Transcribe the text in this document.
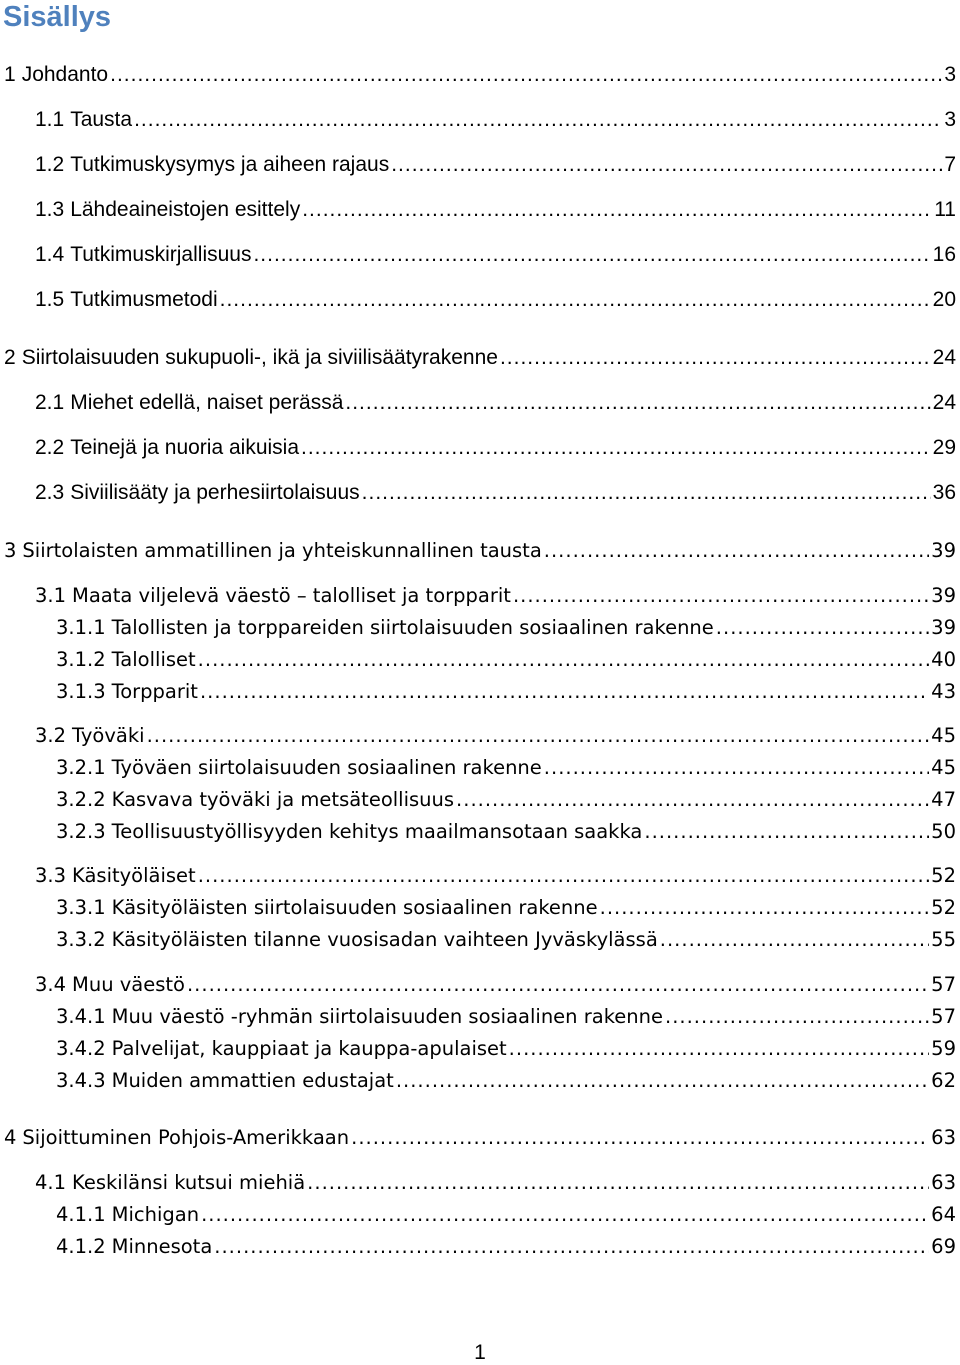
Sisällys
1 Johdanto .....	3
1.1 Tausta .....	3
1.2 Tutkimuskysymys ja aiheen rajaus .....	7
1.3 Lähdeaineistojen esittely .....	11
1.4 Tutkimuskirjallisuus .....	16
1.5 Tutkimusmetodi .....	20
2 Siirtolaisuuden sukupuoli-, ikä ja siviilisäätyrakenne .....	24
2.1 Miehet edellä, naiset perässä .....	24
2.2 Teinejä ja nuoria aikuisia .....	29
2.3 Siviilisääty ja perhesiirtolaisuus .....	36
3 Siirtolaisten ammatillinen ja yhteiskunnallinen tausta .....	39
3.1 Maata viljelevä väestö – talolliset ja torpparit .....	39
3.1.1 Talollisten ja torppareiden siirtolaisuuden sosiaalinen rakenne .....	39
3.1.2 Talolliset .....	40
3.1.3 Torpparit .....	43
3.2 Työväki .....	45
3.2.1 Työväen siirtolaisuuden sosiaalinen rakenne .....	45
3.2.2 Kasvava työväki ja metsäteollisuus .....	47
3.2.3 Teollisuustyöllisyyden kehitys maailmansotaan saakka .....	50
3.3 Käsityöläiset .....	52
3.3.1 Käsityöläisten siirtolaisuuden sosiaalinen rakenne .....	52
3.3.2 Käsityöläisten tilanne vuosisadan vaihteen Jyväskylässä .....	55
3.4 Muu väestö .....	57
3.4.1 Muu väestö -ryhmän siirtolaisuuden sosiaalinen rakenne .....	57
3.4.2 Palvelijat, kauppiaat ja kauppa-apulaiset .....	59
3.4.3 Muiden ammattien edustajat .....	62
4 Sijoittuminen Pohjois-Amerikkaan .....	63
4.1 Keskilänsi kutsui miehiä .....	63
4.1.1 Michigan .....	64
4.1.2 Minnesota .....	69
1
